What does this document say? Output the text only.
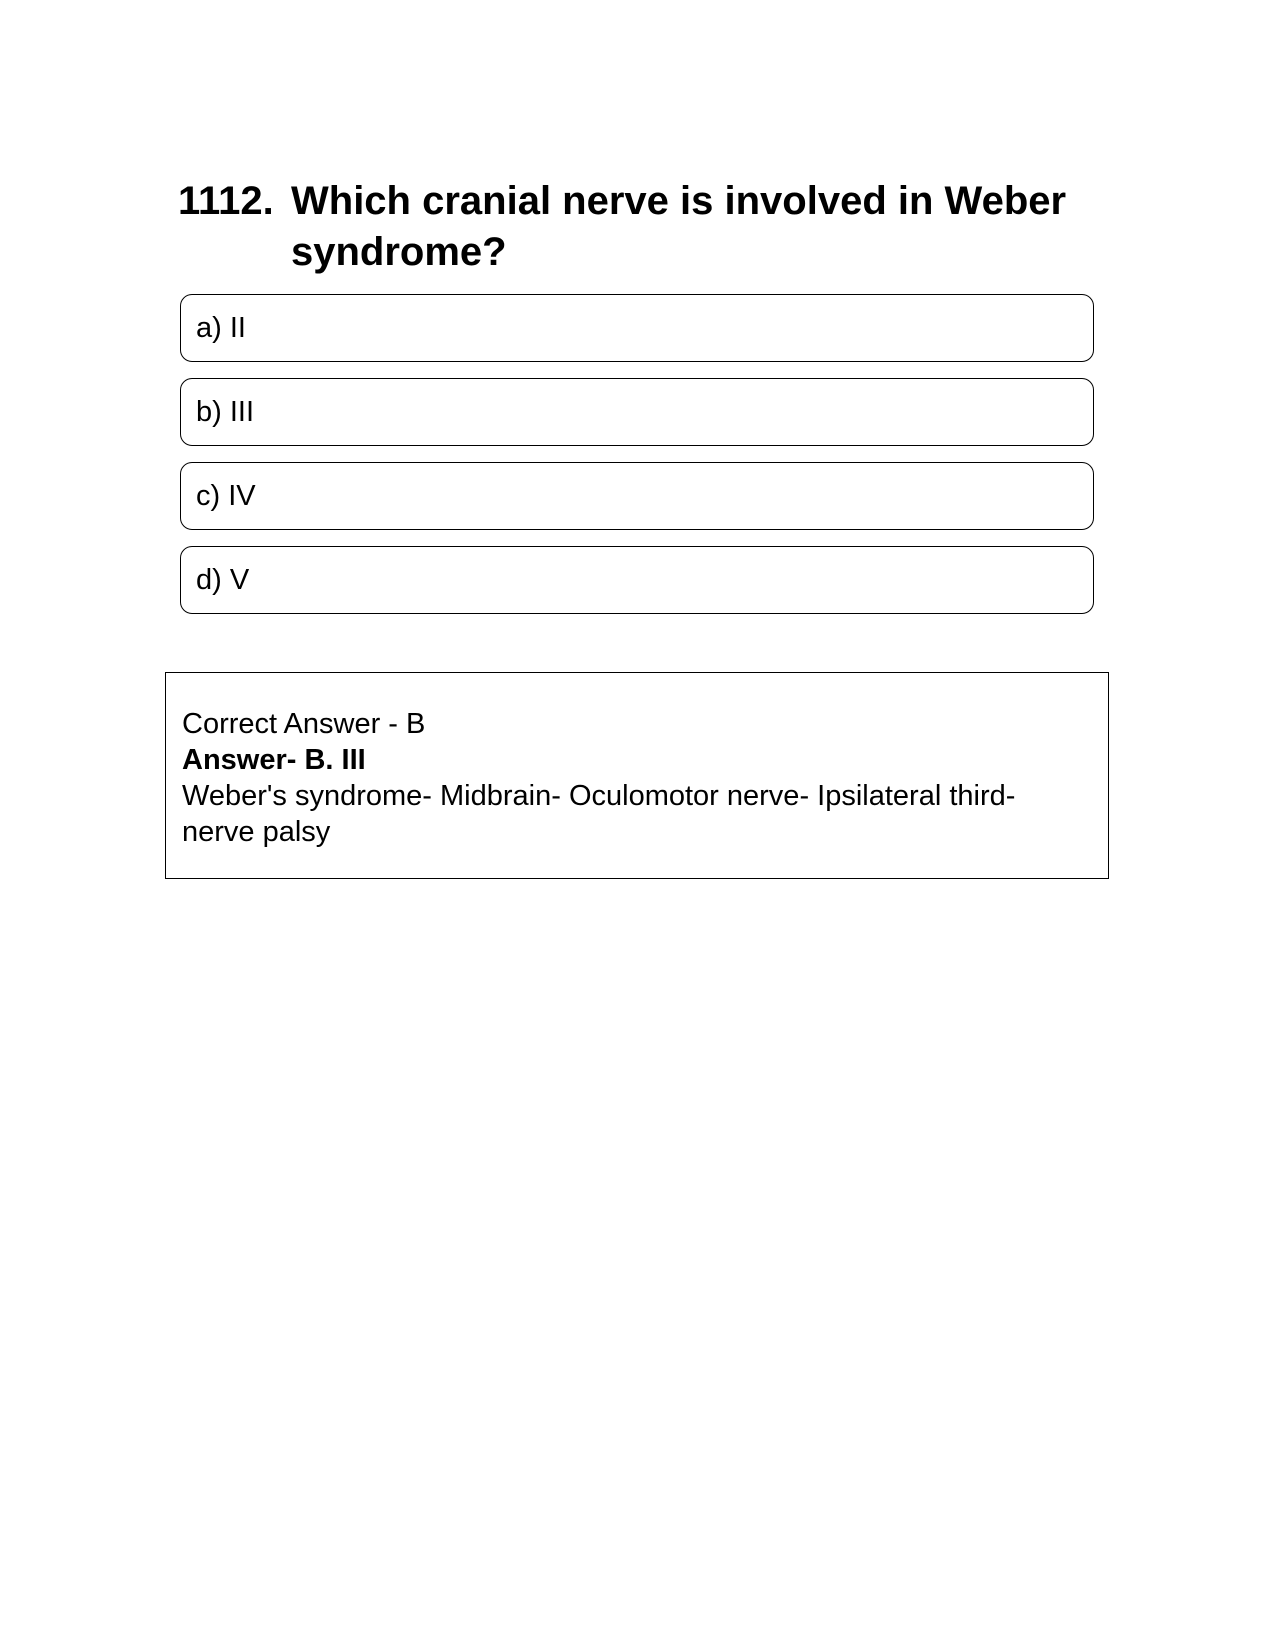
1112. Which cranial nerve is involved in Weber syndrome?
a) II
b) III
c) IV
d) V
Correct Answer - B
Answer- B. III
Weber's syndrome- Midbrain- Oculomotor nerve- Ipsilateral third-nerve palsy
